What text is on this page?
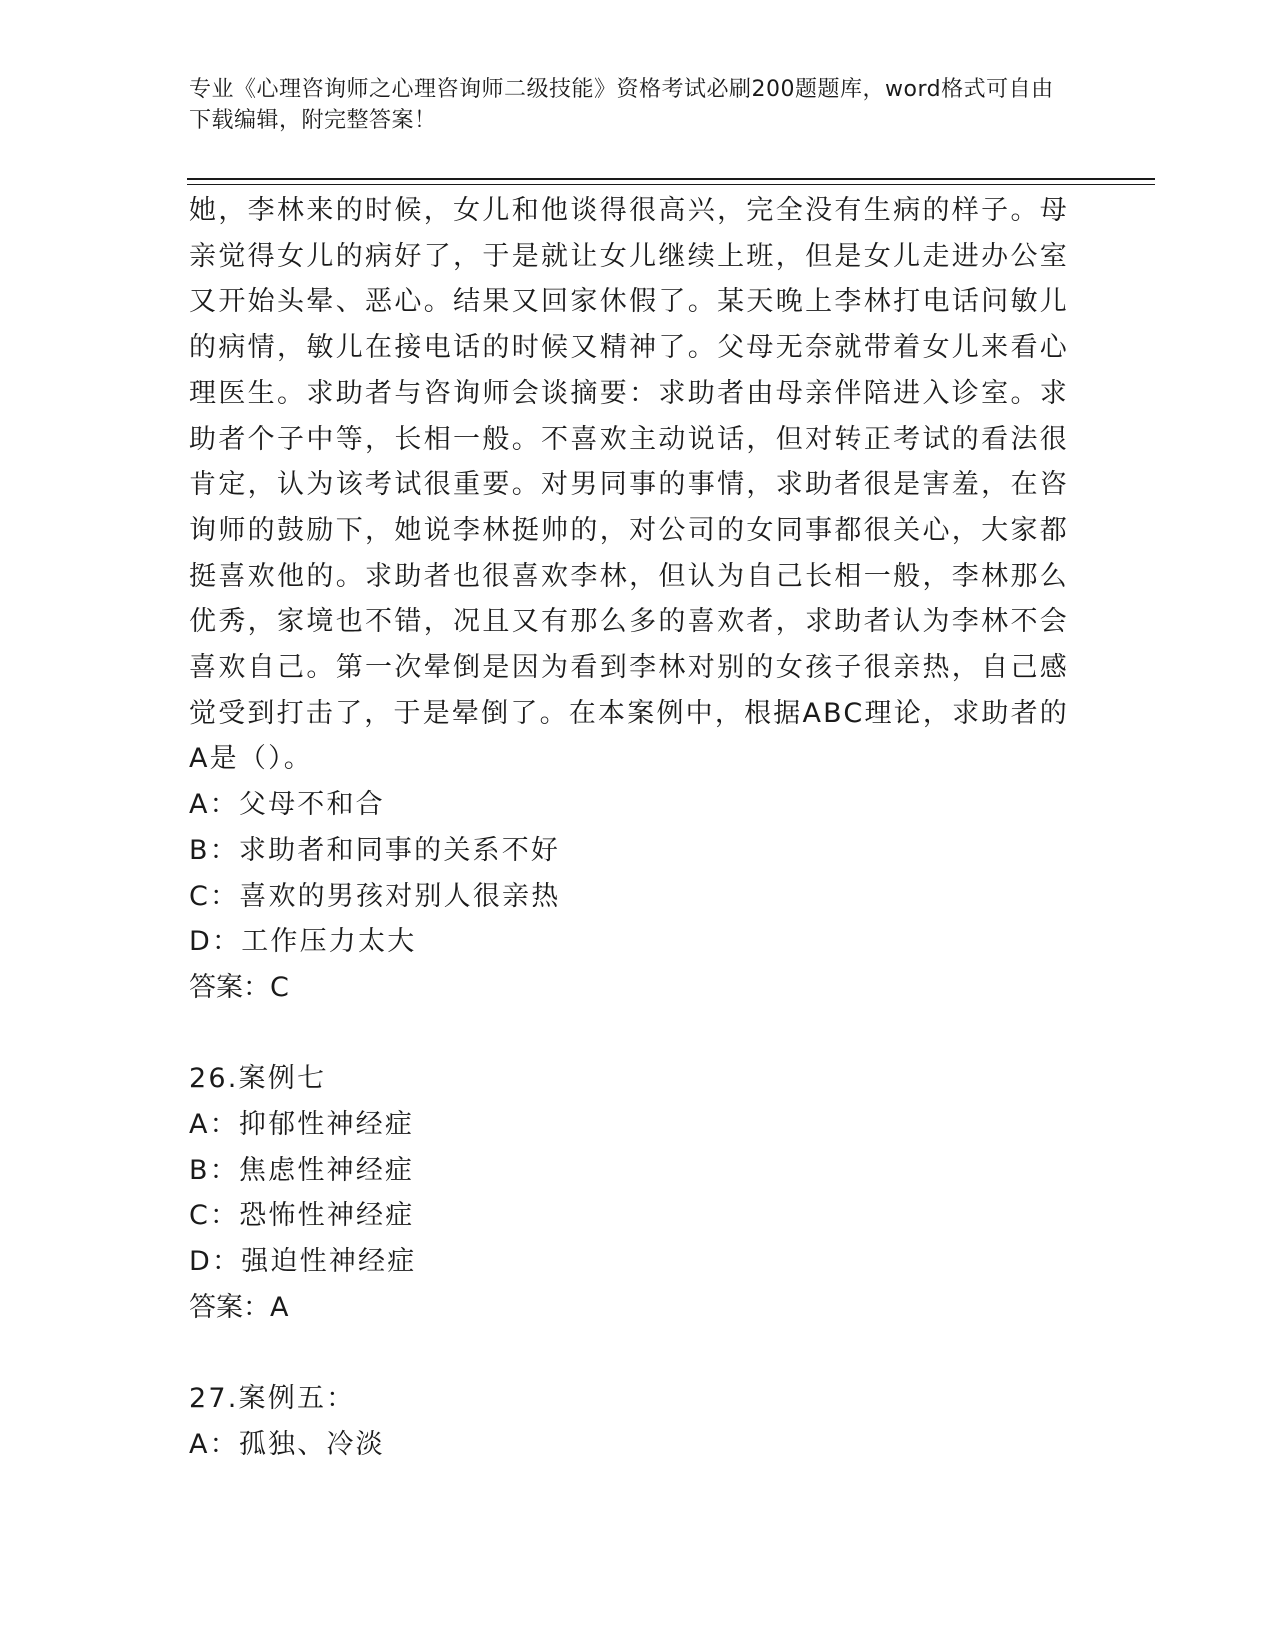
专业《心理咨询师之心理咨询师二级技能》资格考试必刷200题题库，word格式可自由下载编辑，附完整答案！

她，李林来的时候，女儿和他谈得很高兴，完全没有生病的样子。母亲觉得女儿的病好了，于是就让女儿继续上班，但是女儿走进办公室又开始头晕、恶心。结果又回家休假了。某天晚上李林打电话问敏儿的病情，敏儿在接电话的时候又精神了。父母无奈就带着女儿来看心理医生。求助者与咨询师会谈摘要：求助者由母亲伴陪进入诊室。求助者个子中等，长相一般。不喜欢主动说话，但对转正考试的看法很肯定，认为该考试很重要。对男同事的事情，求助者很是害羞，在咨询师的鼓励下，她说李林挺帅的，对公司的女同事都很关心，大家都挺喜欢他的。求助者也很喜欢李林，但认为自己长相一般，李林那么优秀，家境也不错，况且又有那么多的喜欢者，求助者认为李林不会喜欢自己。第一次晕倒是因为看到李林对别的女孩子很亲热，自己感觉受到打击了，于是晕倒了。在本案例中，根据ABC理论，求助者的A是（）。

A：父母不和合

B：求助者和同事的关系不好

C：喜欢的男孩对别人很亲热

D：工作压力太大

答案：C

26.案例七

A：抑郁性神经症

B：焦虑性神经症

C：恐怖性神经症

D：强迫性神经症

答案：A

27.案例五：

A：孤独、冷淡
